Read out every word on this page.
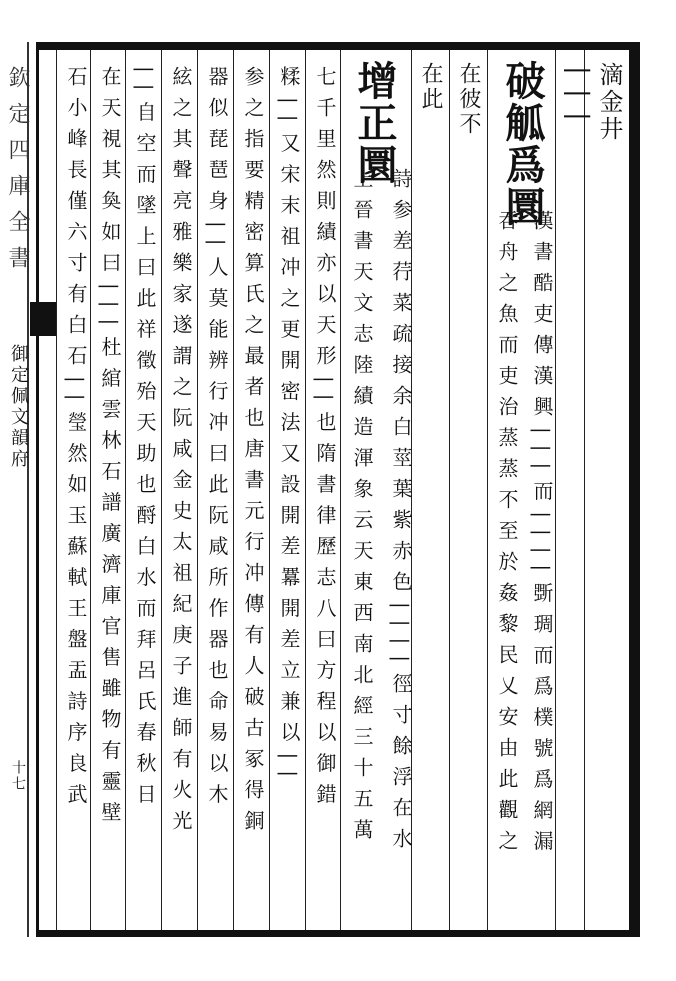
滴金井
| | |
破觚爲圜
漢書酷吏傳漢興|||而||||斲琱而爲樸號爲網漏
吞舟之魚而吏治蒸蒸不至於姦黎民乂安由此觀之
在彼不
在此
增正圜
詩参差荇菜疏接余白莖葉紫赤色||||徑寸餘浮在水
上晉書天文志陸績造渾象云天東西南北經三十五萬
七千里然則績亦以天形||也隋書律歷志八曰方程以御錯
糅||又宋末祖冲之更開密法又設開差羃開差立兼以||
参之指要精密算氏之最者也唐書元行冲傳有人破古冢得銅
器似琵琶身||人莫能辨行冲曰此阮咸所作器也命易以木
絃之其聲亮雅樂家遂謂之阮咸金史太祖紀庚子進師有火光
||自空而墜上曰此祥徵殆天助也酹白水而拜呂氏春秋日
在天視其奐如曰|||杜綰雲林石譜廣濟庫官售雖物有靈壁
石小峰長僅六寸有白石||瑩然如玉蘇軾王盤盂詩序良武
欽定四庫全書
御定佩文韻府
十七
